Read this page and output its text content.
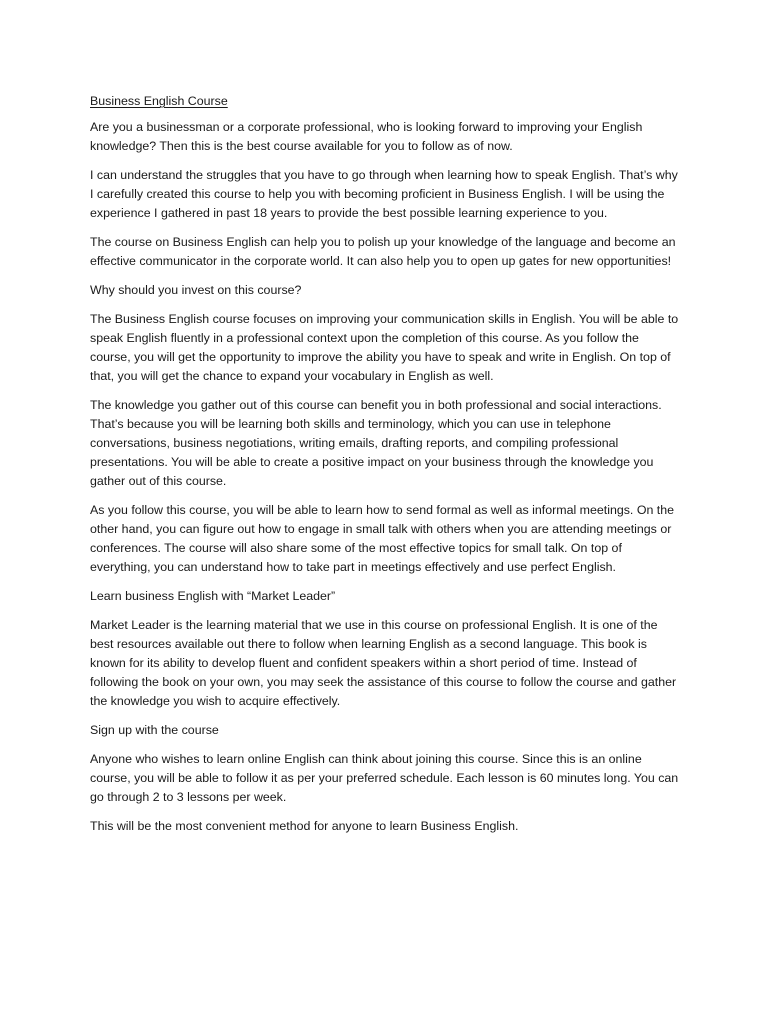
Business English Course

Are you a businessman or a corporate professional, who is looking forward to improving your English knowledge? Then this is the best course available for you to follow as of now.

I can understand the struggles that you have to go through when learning how to speak English. That’s why I carefully created this course to help you with becoming proficient in Business English. I will be using the experience I gathered in past 18 years to provide the best possible learning experience to you.

The course on Business English can help you to polish up your knowledge of the language and become an effective communicator in the corporate world. It can also help you to open up gates for new opportunities!

Why should you invest on this course?

The Business English course focuses on improving your communication skills in English. You will be able to speak English fluently in a professional context upon the completion of this course. As you follow the course, you will get the opportunity to improve the ability you have to speak and write in English. On top of that, you will get the chance to expand your vocabulary in English as well.

The knowledge you gather out of this course can benefit you in both professional and social interactions. That’s because you will be learning both skills and terminology, which you can use in telephone conversations, business negotiations, writing emails, drafting reports, and compiling professional presentations. You will be able to create a positive impact on your business through the knowledge you gather out of this course.

As you follow this course, you will be able to learn how to send formal as well as informal meetings. On the other hand, you can figure out how to engage in small talk with others when you are attending meetings or conferences. The course will also share some of the most effective topics for small talk. On top of everything, you can understand how to take part in meetings effectively and use perfect English.

Learn business English with “Market Leader”

Market Leader is the learning material that we use in this course on professional English. It is one of the best resources available out there to follow when learning English as a second language. This book is known for its ability to develop fluent and confident speakers within a short period of time. Instead of following the book on your own, you may seek the assistance of this course to follow the course and gather the knowledge you wish to acquire effectively.

Sign up with the course

Anyone who wishes to learn online English can think about joining this course. Since this is an online course, you will be able to follow it as per your preferred schedule. Each lesson is 60 minutes long. You can go through 2 to 3 lessons per week.

This will be the most convenient method for anyone to learn Business English.
